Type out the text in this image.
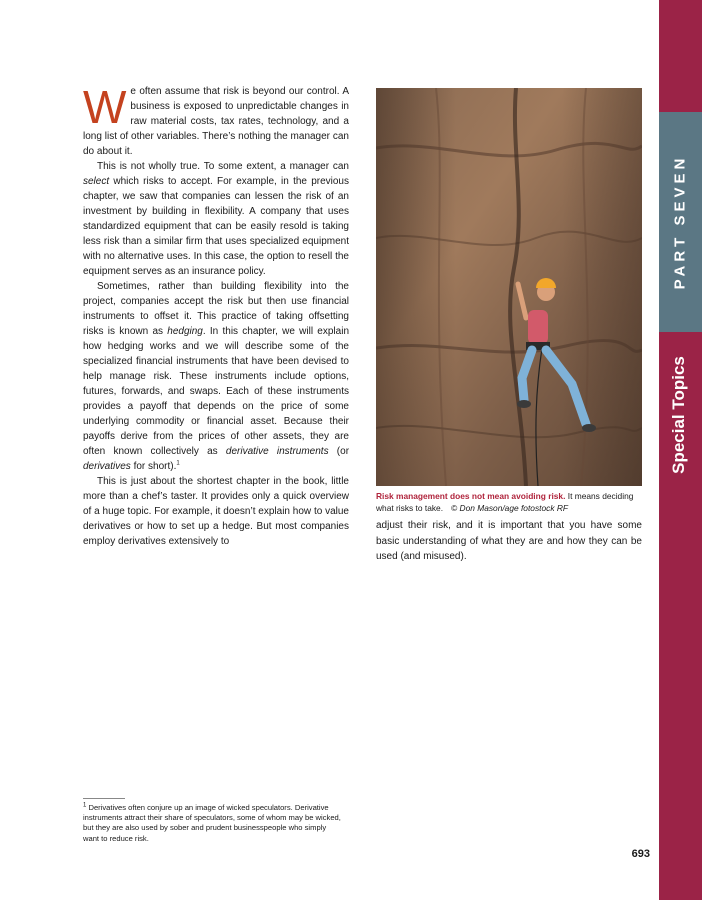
PART SEVEN
Special Topics

We often assume that risk is beyond our control. A business is exposed to unpredictable changes in raw material costs, tax rates, technology, and a long list of other variables. There’s nothing the manager can do about it.

This is not wholly true. To some extent, a manager can select which risks to accept. For example, in the previous chapter, we saw that companies can lessen the risk of an investment by building in flexibility. A company that uses standardized equipment that can be easily resold is taking less risk than a similar firm that uses specialized equipment with no alternative uses. In this case, the option to resell the equipment serves as an insurance policy.

Sometimes, rather than building flexibility into the project, companies accept the risk but then use financial instruments to offset it. This practice of taking offsetting risks is known as hedging. In this chapter, we will explain how hedging works and we will describe some of the specialized financial instruments that have been devised to help manage risk. These instruments include options, futures, forwards, and swaps. Each of these instruments provides a payoff that depends on the price of some underlying commodity or financial asset. Because their payoffs derive from the prices of other assets, they are often known collectively as derivative instruments (or derivatives for short).$^1$

This is just about the shortest chapter in the book, little more than a chef’s taster. It provides only a quick overview of a huge topic. For example, it doesn’t explain how to value derivatives or how to set up a hedge. But most companies employ derivatives extensively to

Risk management does not mean avoiding risk. It means deciding what risks to take. © Don Mason/age fotostock RF

adjust their risk, and it is important that you have some basic understanding of what they are and how they can be used (and misused).

$^1$ Derivatives often conjure up an image of wicked speculators. Derivative instruments attract their share of speculators, some of whom may be wicked, but they are also used by sober and prudent businesspeople who simply want to reduce risk.
693
